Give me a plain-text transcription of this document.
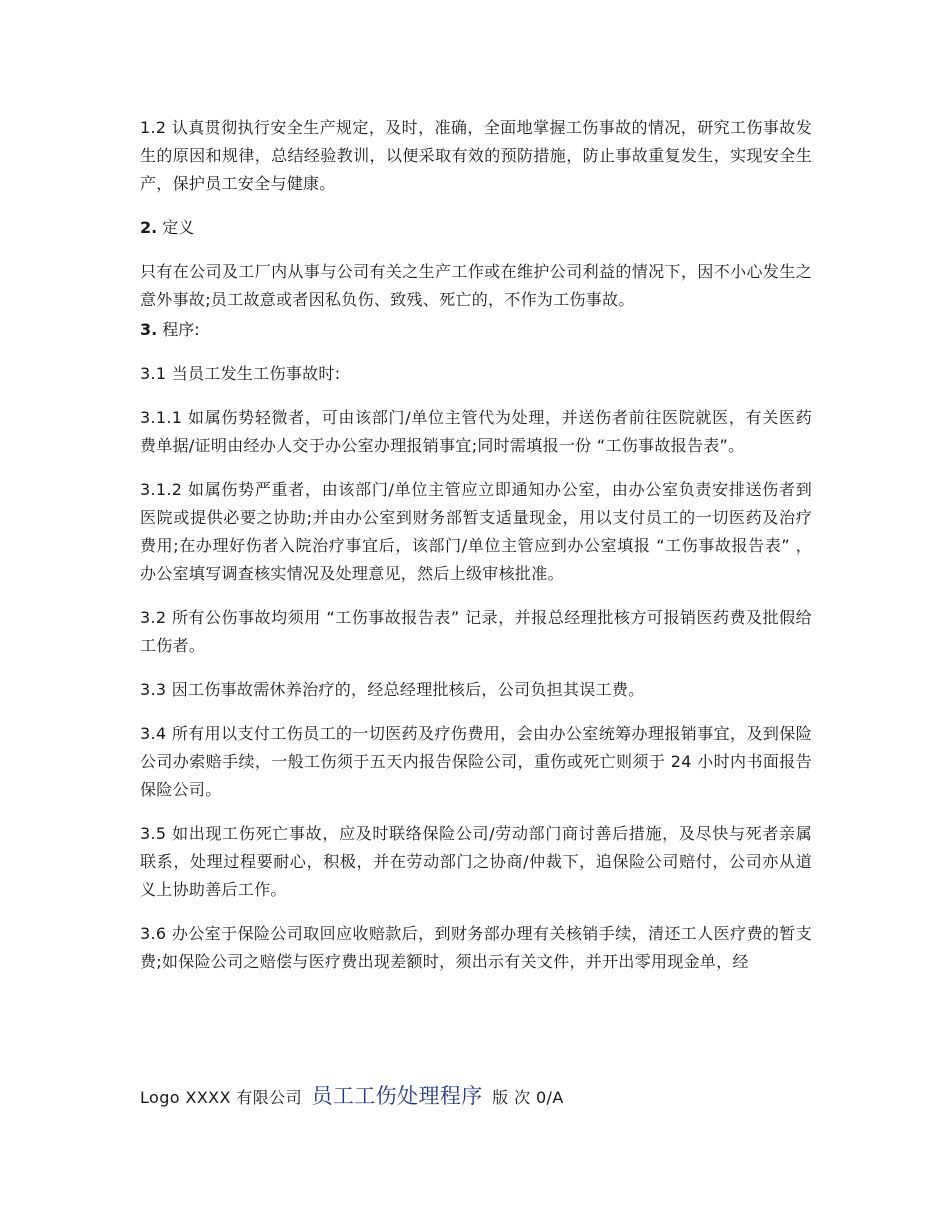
1.2 认真贯彻执行安全生产规定，及时，准确，全面地掌握工伤事故的情况，研究工伤事故发生的原因和规律，总结经验教训，以便采取有效的预防措施，防止事故重复发生，实现安全生产，保护员工安全与健康。

2. 定义

只有在公司及工厂内从事与公司有关之生产工作或在维护公司利益的情况下，因不小心发生之意外事故;员工故意或者因私负伤、致残、死亡的，不作为工伤事故。

3. 程序:

3.1 当员工发生工伤事故时:

3.1.1 如属伤势轻微者，可由该部门/单位主管代为处理，并送伤者前往医院就医，有关医药费单据/证明由经办人交于办公室办理报销事宜;同时需填报一份 “工伤事故报告表”。

3.1.2 如属伤势严重者，由该部门/单位主管应立即通知办公室，由办公室负责安排送伤者到医院或提供必要之协助;并由办公室到财务部暂支适量现金，用以支付员工的一切医药及治疗费用;在办理好伤者入院治疗事宜后，该部门/单位主管应到办公室填报 “工伤事故报告表” ，办公室填写调查核实情况及处理意见，然后上级审核批准。

3.2 所有公伤事故均须用 “工伤事故报告表” 记录，并报总经理批核方可报销医药费及批假给工伤者。

3.3 因工伤事故需休养治疗的，经总经理批核后，公司负担其误工费。

3.4 所有用以支付工伤员工的一切医药及疗伤费用，会由办公室统筹办理报销事宜，及到保险公司办索赔手续，一般工伤须于五天内报告保险公司，重伤或死亡则须于 24 小时内书面报告保险公司。

3.5 如出现工伤死亡事故，应及时联络保险公司/劳动部门商讨善后措施，及尽快与死者亲属联系，处理过程要耐心，积极，并在劳动部门之协商/仲裁下，追保险公司赔付，公司亦从道义上协助善后工作。

3.6 办公室于保险公司取回应收赔款后，到财务部办理有关核销手续，清还工人医疗费的暂支费;如保险公司之赔偿与医疗费出现差额时，须出示有关文件，并开出零用现金单，经

Logo XXXX 有限公司 员工工伤处理程序 版 次 0/A
